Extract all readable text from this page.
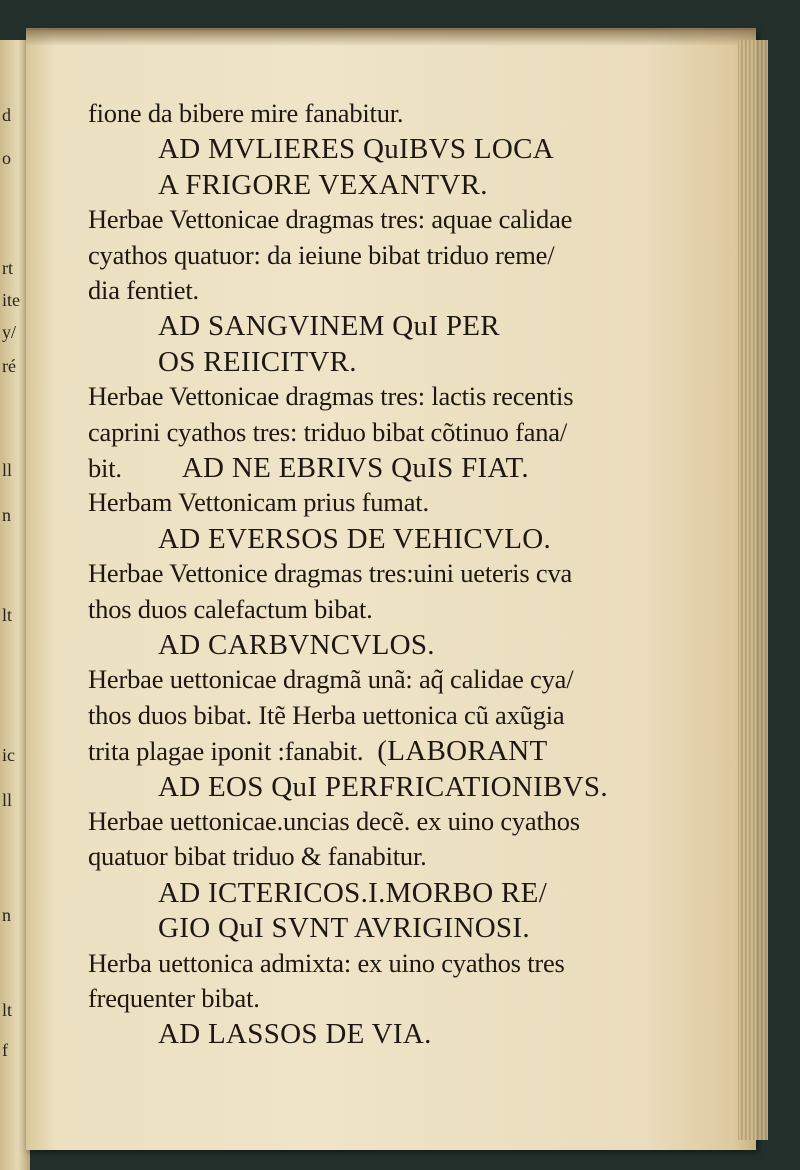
d
o
rt
ite
y/
ré
ll
n
lt
ic
ll
n
lt
f
fione da bibere mire fanabitur.
AD MVLIERES QuIBVS LOCA
A FRIGORE VEXANTVR.
Herbae Vettonicae dragmas tres: aquae calidae
cyathos quatuor: da ieiune bibat triduo reme/
dia fentiet.
AD SANGVINEM QuI PER
OS REIICITVR.
Herbae Vettonicae dragmas tres: lactis recentis
caprini cyathos tres: triduo bibat cõtinuo fana/
bit. AD NE EBRIVS QuIS FIAT.
Herbam Vettonicam prius fumat.
AD EVERSOS DE VEHICVLO.
Herbae Vettonice dragmas tres:uini ueteris cva
thos duos calefactum bibat.
AD CARBVNCVLOS.
Herbae uettonicae dragmã unã: aq̃ calidae cya/
thos duos bibat. Itẽ Herba uettonica cũ axũgia
trita plagae iponit :fanabit. (LABORANT
AD EOS QuI PERFRICATIONIBVS.
Herbae uettonicae.uncias decẽ. ex uino cyathos
quatuor bibat triduo & fanabitur.
AD ICTERICOS.I.MORBO RE/
GIO QuI SVNT AVRIGINOSI.
Herba uettonica admixta: ex uino cyathos tres
frequenter bibat.
AD LASSOS DE VIA.
